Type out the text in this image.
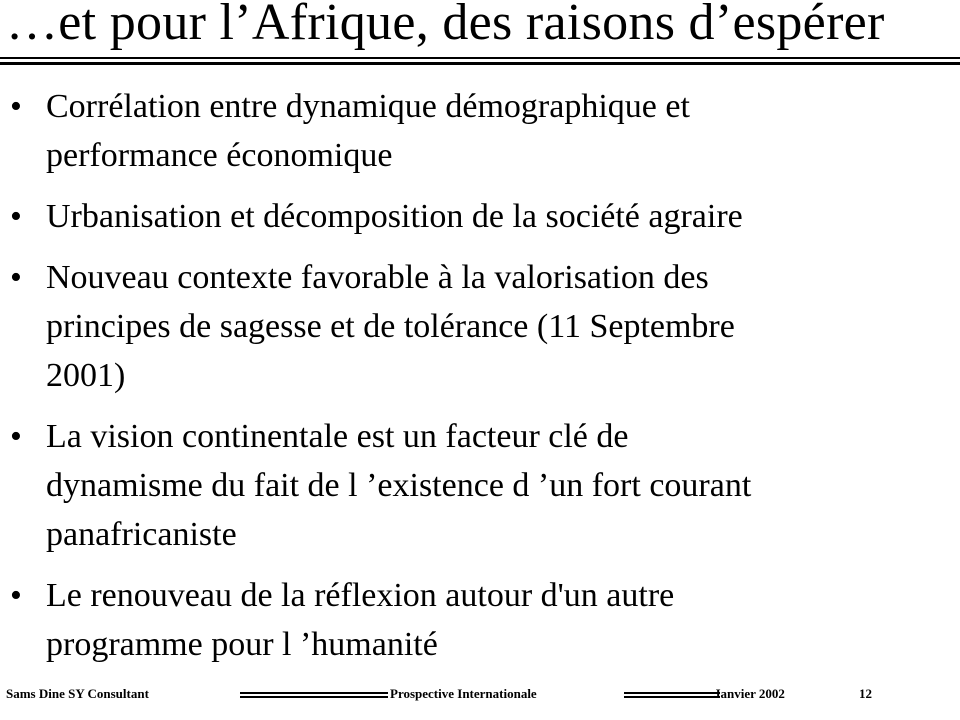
…et pour l’Afrique, des raisons d’espérer
• Corrélation entre dynamique démographique et
performance économique
• Urbanisation et décomposition de la société agraire
• Nouveau contexte favorable à la valorisation des
principes de sagesse et de tolérance (11 Septembre
2001)
• La vision continentale est un facteur clé de
dynamisme du fait de l ’existence d ’un fort courant
panafricaniste
• Le renouveau de la réflexion autour d'un autre
programme pour l ’humanité
Sams Dine SY Consultant	Prospective Internationale	Janvier 2002	12
